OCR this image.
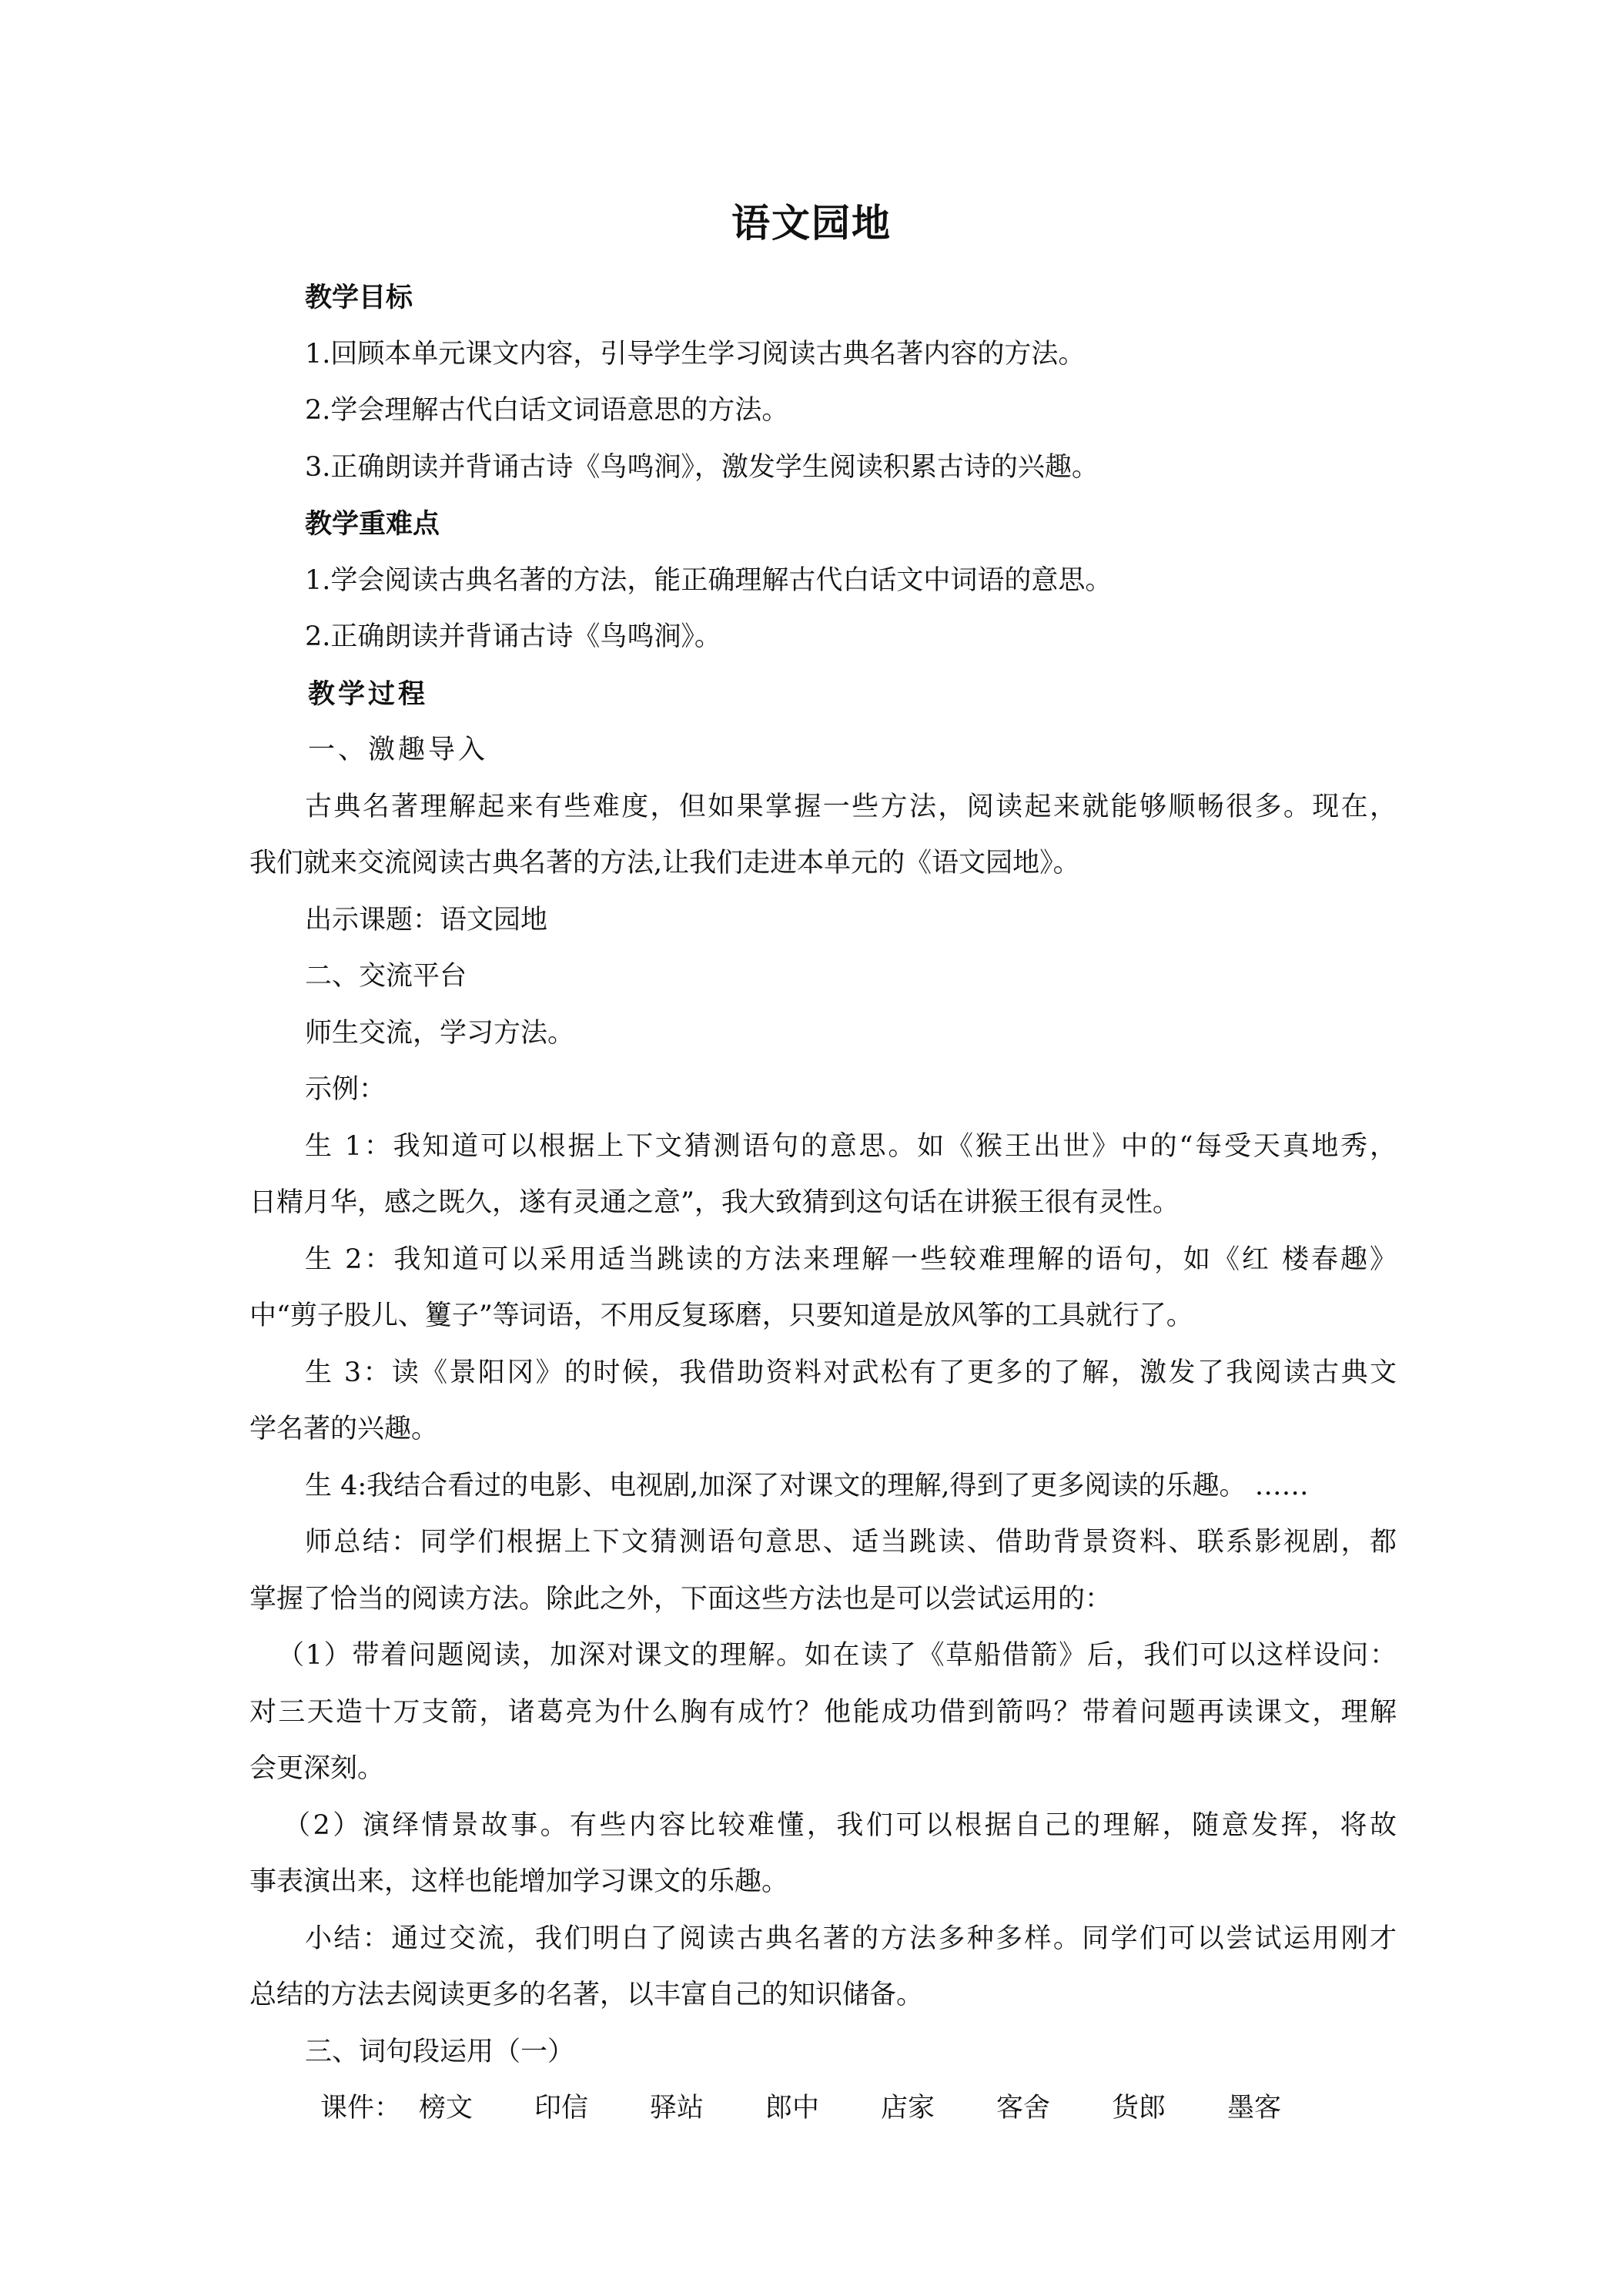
语文园地
教学目标
1.回顾本单元课文内容，引导学生学习阅读古典名著内容的方法。
2.学会理解古代白话文词语意思的方法。
3.正确朗读并背诵古诗《鸟鸣涧》，激发学生阅读积累古诗的兴趣。
教学重难点
1.学会阅读古典名著的方法，能正确理解古代白话文中词语的意思。
2.正确朗读并背诵古诗《鸟鸣涧》。
教学过程
一、激趣导入
古典名著理解起来有些难度，但如果掌握一些方法，阅读起来就能够顺畅很多。现在，
我们就来交流阅读古典名著的方法,让我们走进本单元的《语文园地》。
出示课题：语文园地
二、交流平台
师生交流，学习方法。
示例：
生 1：我知道可以根据上下文猜测语句的意思。如《猴王出世》中的“每受天真地秀，
日精月华，感之既久，遂有灵通之意”，我大致猜到这句话在讲猴王很有灵性。
生 2：我知道可以采用适当跳读的方法来理解一些较难理解的语句，如《红 楼春趣》
中“剪子股儿、籰子”等词语，不用反复琢磨，只要知道是放风筝的工具就行了。
生 3：读《景阳冈》的时候，我借助资料对武松有了更多的了解，激发了我阅读古典文
学名著的兴趣。
生 4:我结合看过的电影、电视剧,加深了对课文的理解,得到了更多阅读的乐趣。 ……
师总结：同学们根据上下文猜测语句意思、适当跳读、借助背景资料、联系影视剧，都
掌握了恰当的阅读方法。除此之外，下面这些方法也是可以尝试运用的：
（1）带着问题阅读，加深对课文的理解。如在读了《草船借箭》后，我们可以这样设问：
对三天造十万支箭，诸葛亮为什么胸有成竹？他能成功借到箭吗？带着问题再读课文，理解
会更深刻。
（2）演绎情景故事。有些内容比较难懂，我们可以根据自己的理解，随意发挥，将故
事表演出来，这样也能增加学习课文的乐趣。
小结：通过交流，我们明白了阅读古典名著的方法多种多样。同学们可以尝试运用刚才
总结的方法去阅读更多的名著，以丰富自己的知识储备。
三、词句段运用（一）
课件： 榜文	印信	驿站	郎中	店家	客舍	货郎	墨客
